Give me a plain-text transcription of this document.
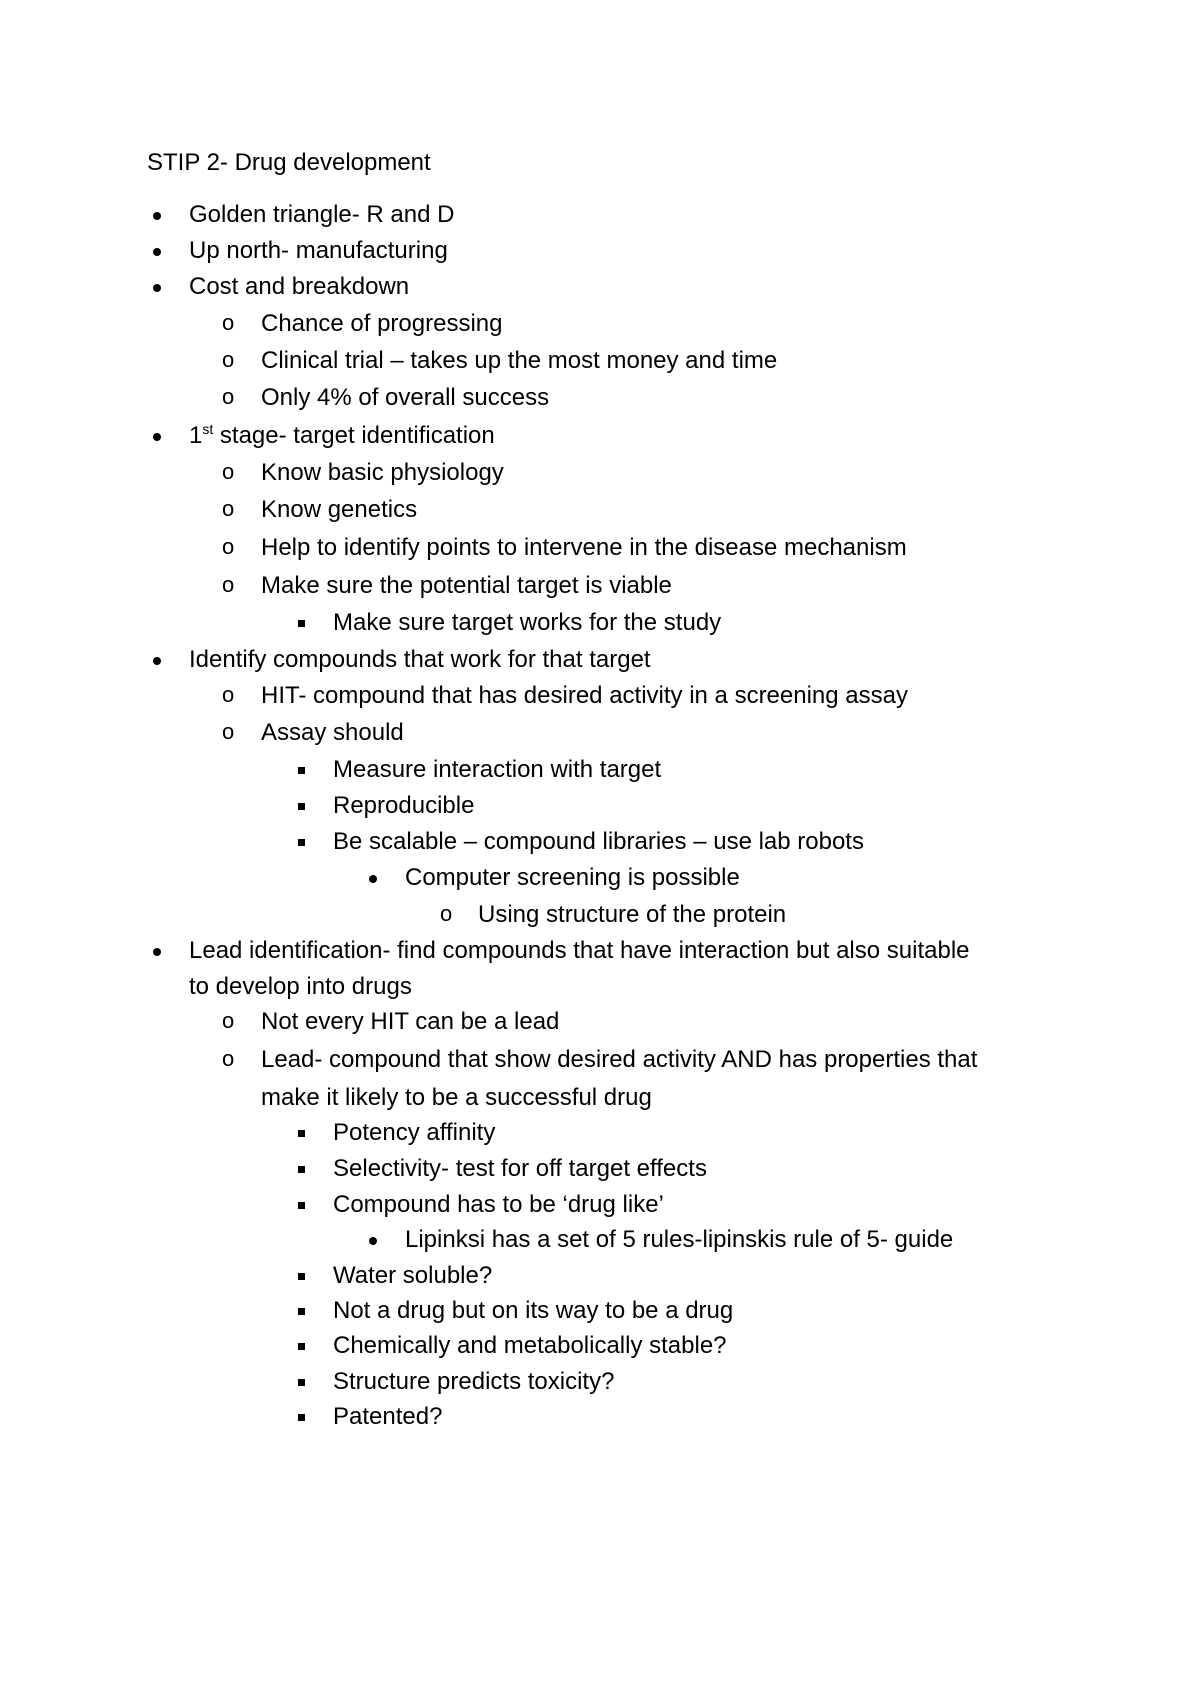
STIP 2- Drug development
Golden triangle- R and D
Up north- manufacturing
Cost and breakdown
o Chance of progressing
o Clinical trial – takes up the most money and time
o Only 4% of overall success
1st stage- target identification
o Know basic physiology
o Know genetics
o Help to identify points to intervene in the disease mechanism
o Make sure the potential target is viable
Make sure target works for the study
Identify compounds that work for that target
o HIT- compound that has desired activity in a screening assay
o Assay should
Measure interaction with target
Reproducible
Be scalable – compound libraries – use lab robots
Computer screening is possible
o Using structure of the protein
Lead identification- find compounds that have interaction but also suitable
to develop into drugs
o Not every HIT can be a lead
o Lead- compound that show desired activity AND has properties that
make it likely to be a successful drug
Potency affinity
Selectivity- test for off target effects
Compound has to be ‘drug like’
Lipinksi has a set of 5 rules-lipinskis rule of 5- guide
Water soluble?
Not a drug but on its way to be a drug
Chemically and metabolically stable?
Structure predicts toxicity?
Patented?
